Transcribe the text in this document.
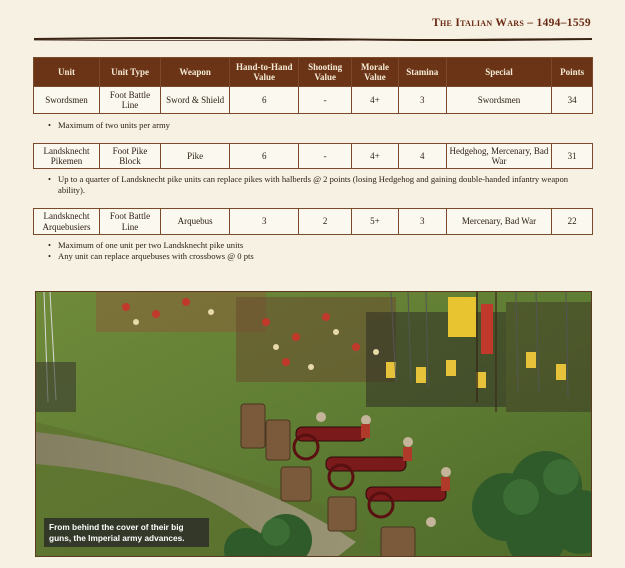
The Italian Wars – 1494–1559
Unit	Unit Type	Weapon	Hand-to-Hand Value	Shooting Value	Morale Value	Stamina	Special	Points
Swordsmen	Foot Battle Line	Sword & Shield	6	-	4+	3	Swordsmen	34
• Maximum of two units per army
Landsknecht Pikemen	Foot Pike Block	Pike	6	-	4+	4	Hedgehog, Mercenary, Bad War	31
• Up to a quarter of Landsknecht pike units can replace pikes with halberds @ 2 points (losing Hedgehog and gaining double-handed infantry weapon ability).
Landsknecht Arquebusiers	Foot Battle Line	Arquebus	3	2	5+	3	Mercenary, Bad War	22
• Maximum of one unit per two Landsknecht pike units
• Any unit can replace arquebuses with crossbows @ 0 pts
From behind the cover of their big guns, the Imperial army advances.
